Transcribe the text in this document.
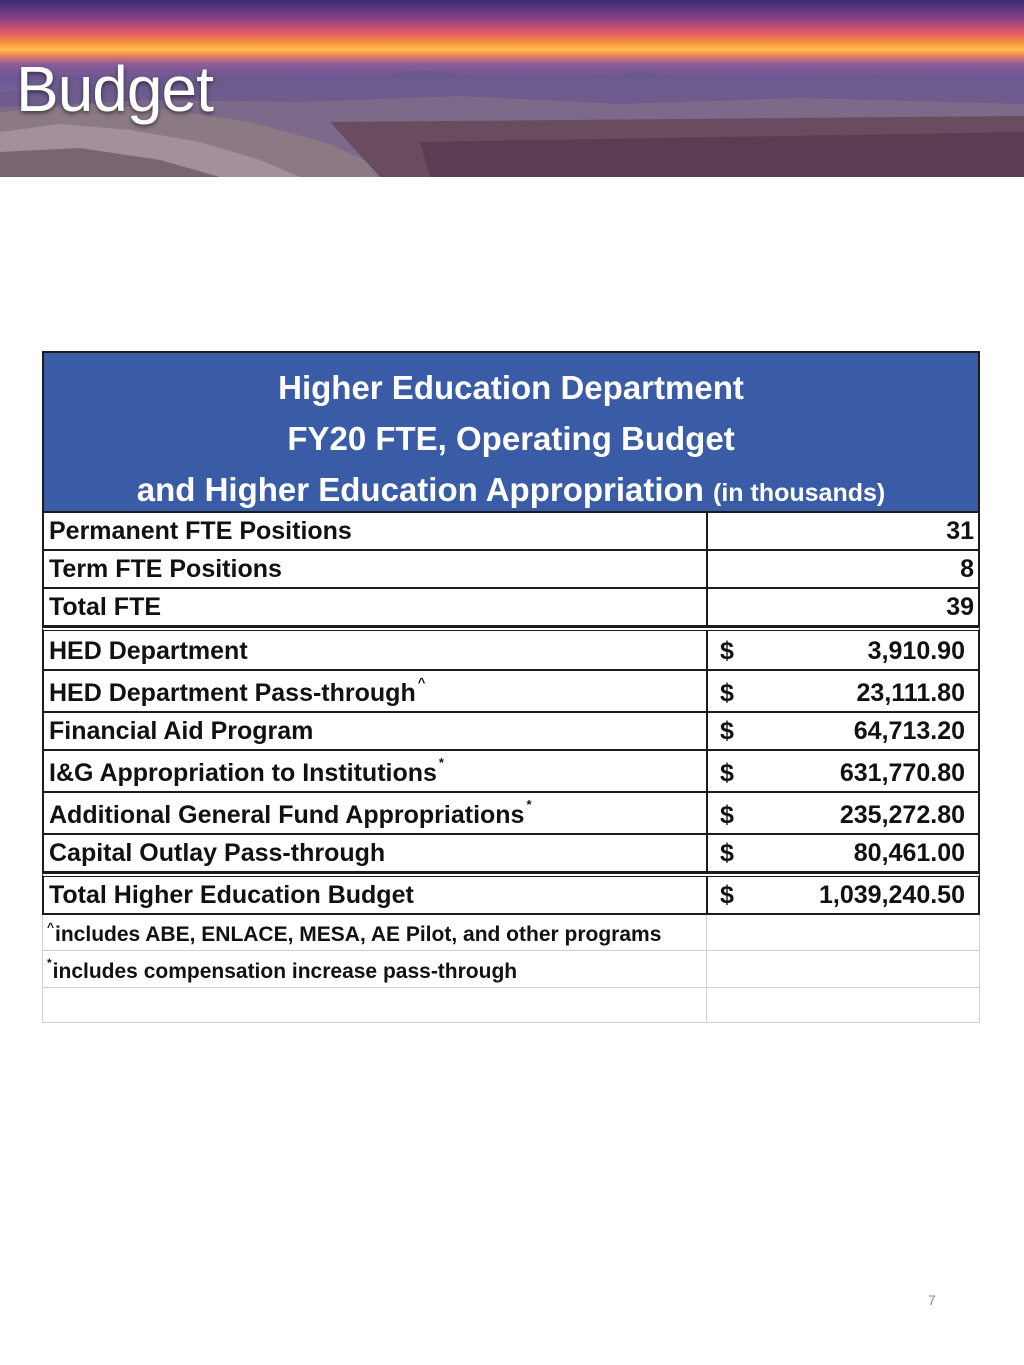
Budget
Higher Education Department
FY20 FTE, Operating Budget
and Higher Education Appropriation (in thousands)
Permanent FTE Positions	31
Term FTE Positions	8
Total FTE	39
HED Department	$	3,910.90
HED Department Pass-through ^	$	23,111.80
Financial Aid Program	$	64,713.20
I&G Appropriation to Institutions *	$	631,770.80
Additional General Fund Appropriations *	$	235,272.80
Capital Outlay Pass-through	$	80,461.00
Total Higher Education Budget	$	1,039,240.50
^ includes ABE, ENLACE, MESA, AE Pilot, and other programs
* includes compensation increase pass-through
7
